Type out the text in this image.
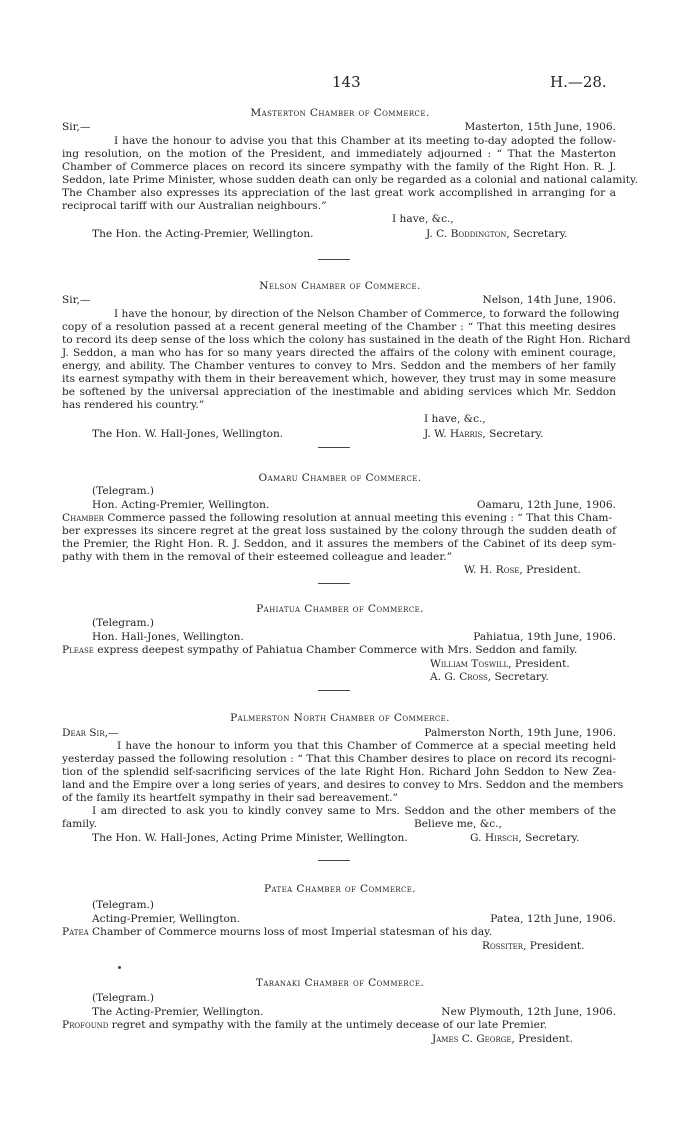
143	H.—28.
Masterton Chamber of Commerce.
Sir,—	Masterton, 15th June, 1906.
I have the honour to advise you that this Chamber at its meeting to-day adopted the follow-
ing resolution, on the motion of the President, and immediately adjourned : “ That the Masterton
Chamber of Commerce places on record its sincere sympathy with the family of the Right Hon. R. J.
Seddon, late Prime Minister, whose sudden death can only be regarded as a colonial and national calamity.
The Chamber also expresses its appreciation of the last great work accomplished in arranging for a
reciprocal tariff with our Australian neighbours.”
I have, &c.,
The Hon. the Acting-Premier, Wellington.	J. C. Boddington, Secretary.
Nelson Chamber of Commerce.
Sir,—	Nelson, 14th June, 1906.
I have the honour, by direction of the Nelson Chamber of Commerce, to forward the following
copy of a resolution passed at a recent general meeting of the Chamber : “ That this meeting desires
to record its deep sense of the loss which the colony has sustained in the death of the Right Hon. Richard
J. Seddon, a man who has for so many years directed the affairs of the colony with eminent courage,
energy, and ability. The Chamber ventures to convey to Mrs. Seddon and the members of her family
its earnest sympathy with them in their bereavement which, however, they trust may in some measure
be softened by the universal appreciation of the inestimable and abiding services which Mr. Seddon
has rendered his country.”
I have, &c.,
The Hon. W. Hall-Jones, Wellington.	J. W. Harris, Secretary.
Oamaru Chamber of Commerce.
(Telegram.)
Hon. Acting-Premier, Wellington.	Oamaru, 12th June, 1906.
Chamber Commerce passed the following resolution at annual meeting this evening : “ That this Cham-
ber expresses its sincere regret at the great loss sustained by the colony through the sudden death of
the Premier, the Right Hon. R. J. Seddon, and it assures the members of the Cabinet of its deep sym-
pathy with them in the removal of their esteemed colleague and leader.”
W. H. Rose, President.
Pahiatua Chamber of Commerce.
(Telegram.)
Hon. Hall-Jones, Wellington.	Pahiatua, 19th June, 1906.
Please express deepest sympathy of Pahiatua Chamber Commerce with Mrs. Seddon and family.
William Toswill, President.
A. G. Cross, Secretary.
Palmerston North Chamber of Commerce.
Dear Sir,—	Palmerston North, 19th June, 1906.
I have the honour to inform you that this Chamber of Commerce at a special meeting held
yesterday passed the following resolution : “ That this Chamber desires to place on record its recogni-
tion of the splendid self-sacrificing services of the late Right Hon. Richard John Seddon to New Zea-
land and the Empire over a long series of years, and desires to convey to Mrs. Seddon and the members
of the family its heartfelt sympathy in their sad bereavement.”
I am directed to ask you to kindly convey same to Mrs. Seddon and the other members of the
family.	Believe me, &c.,
The Hon. W. Hall-Jones, Acting Prime Minister, Wellington.	G. Hirsch, Secretary.
Patea Chamber of Commerce.
(Telegram.)
Acting-Premier, Wellington.	Patea, 12th June, 1906.
Patea Chamber of Commerce mourns loss of most Imperial statesman of his day.
Rossiter, President.
Taranaki Chamber of Commerce.
(Telegram.)
The Acting-Premier, Wellington.	New Plymouth, 12th June, 1906.
Profound regret and sympathy with the family at the untimely decease of our late Premier.
James C. George, President.
